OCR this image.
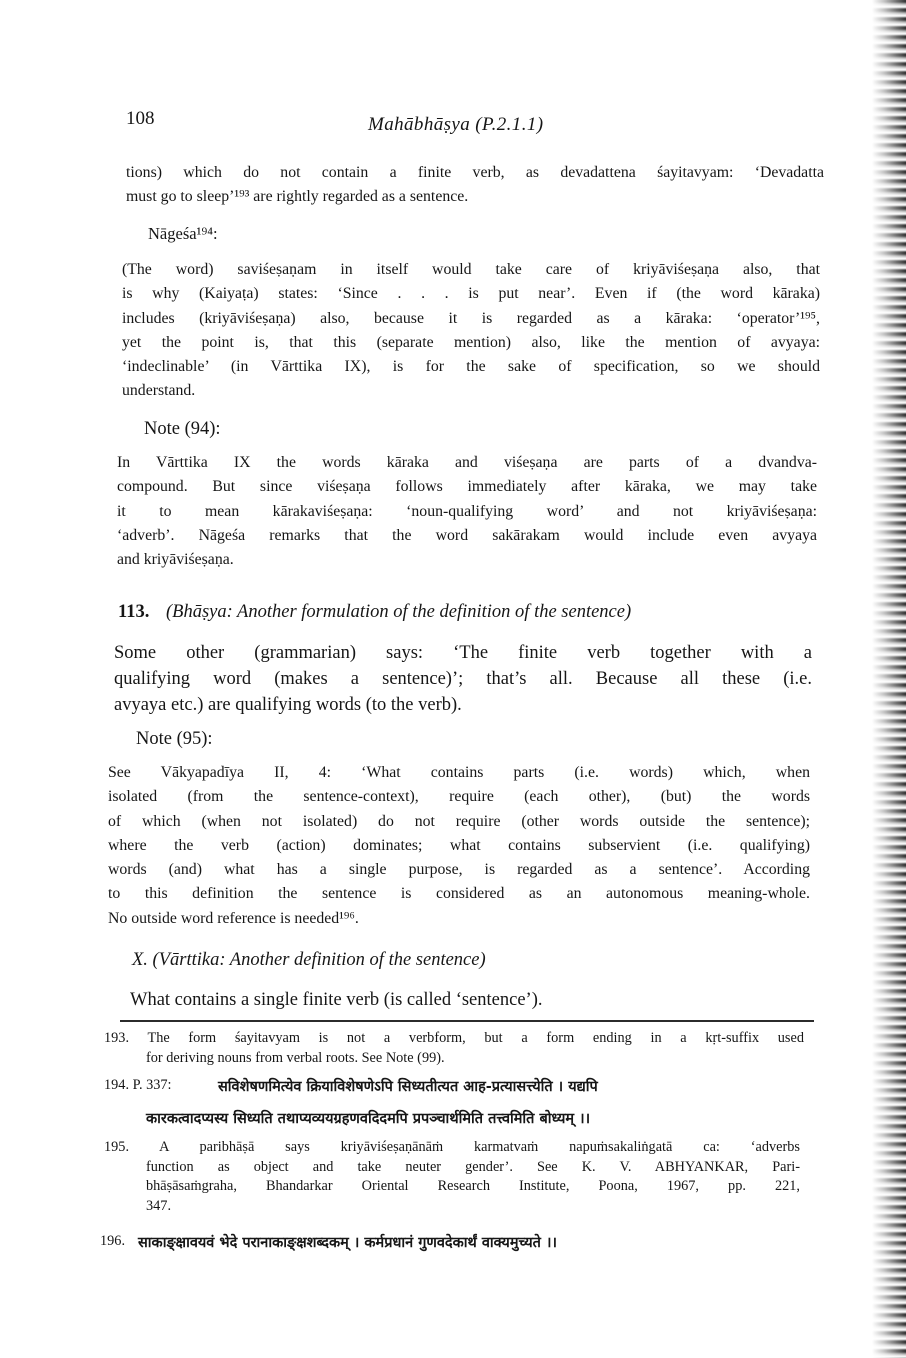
108	Mahābhāṣya (P.2.1.1)
tions) which do not contain a finite verb, as devadattena śayitavyam: ‘Devadatta
must go to sleep’¹⁹³ are rightly regarded as a sentence.
Nāgeśa¹⁹⁴:
(The word) saviśeṣaṇam in itself would take care of kriyāviśeṣaṇa also, that
is why (Kaiyaṭa) states: ‘Since . . . is put near’. Even if (the word kāraka)
includes (kriyāviśeṣaṇa) also, because it is regarded as a kāraka: ‘operator’¹⁹⁵,
yet the point is, that this (separate mention) also, like the mention of avyaya:
‘indeclinable’ (in Vārttika IX), is for the sake of specification, so we should
understand.
Note (94):
In Vārttika IX the words kāraka and viśeṣaṇa are parts of a dvandva-
compound. But since viśeṣaṇa follows immediately after kāraka, we may take
it to mean kārakaviśeṣaṇa: ‘noun-qualifying word’ and not kriyāviśeṣaṇa:
‘adverb’. Nāgeśa remarks that the word sakārakam would include even avyaya
and kriyāviśeṣaṇa.
113. (Bhāṣya: Another formulation of the definition of the sentence)
Some other (grammarian) says: ‘The finite verb together with a
qualifying word (makes a sentence)’; that’s all. Because all these (i.e.
avyaya etc.) are qualifying words (to the verb).
Note (95):
See Vākyapadīya II, 4: ‘What contains parts (i.e. words) which, when
isolated (from the sentence-context), require (each other), (but) the words
of which (when not isolated) do not require (other words outside the sentence);
where the verb (action) dominates; what contains subservient (i.e. qualifying)
words (and) what has a single purpose, is regarded as a sentence’. According
to this definition the sentence is considered as an autonomous meaning-whole.
No outside word reference is needed¹⁹⁶.
X. (Vārttika: Another definition of the sentence)
What contains a single finite verb (is called ‘sentence’).
193. The form śayitavyam is not a verbform, but a form ending in a kṛt-suffix used
for deriving nouns from verbal roots. See Note (99).
194. P. 337:	सविशेषणमित्येव क्रियाविशेषणेऽपि सिध्यतीत्यत आह-प्रत्यासत्त्येति । यद्यपि
कारकत्वादप्यस्य सिध्यति तथाप्यव्ययग्रहणवदिदमपि प्रपञ्चार्थमिति तत्त्वमिति बोध्यम् ।।
195. A paribhāṣā says kriyāviśeṣaṇānāṁ karmatvaṁ napuṁsakaliṅgatā ca: ‘adverbs
function as object and take neuter gender’. See K. V. ABHYANKAR, Pari-
bhāṣāsaṁgraha, Bhandarkar Oriental Research Institute, Poona, 1967, pp. 221,
347.
196. साकाङ्क्षावयवं भेदे परानाकाङ्क्षशब्दकम् । कर्मप्रधानं गुणवदेकार्थं वाक्यमुच्यते ।।
